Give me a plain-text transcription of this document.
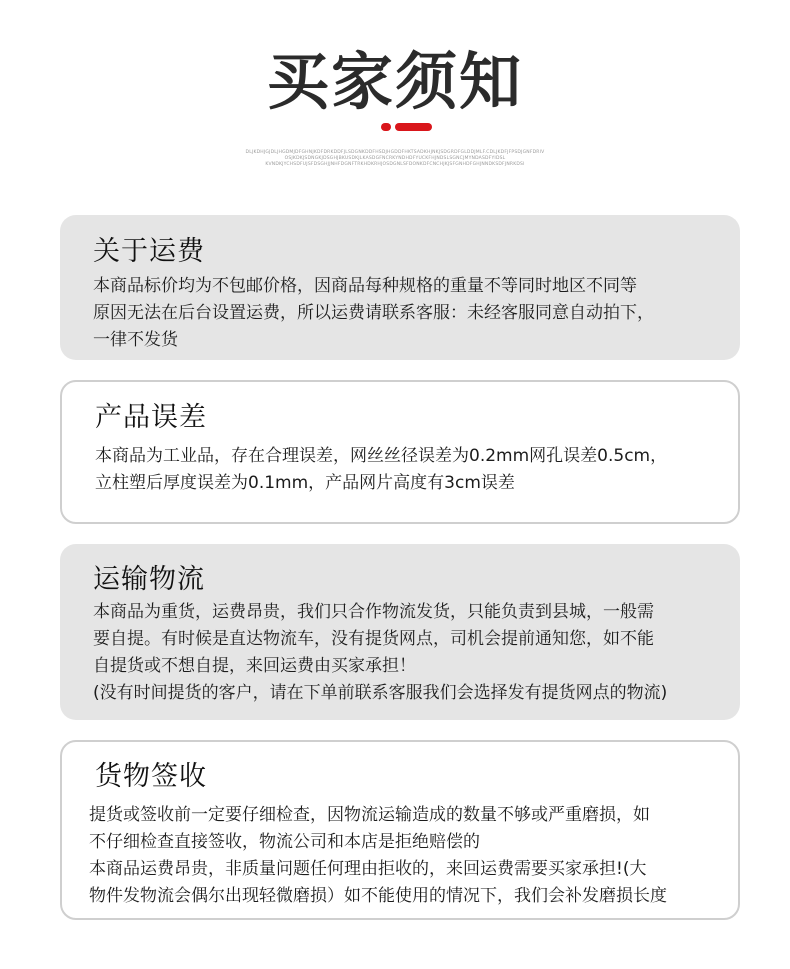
买家须知
DLJKDHJGJDLJHGDMJDFGHNJKDFDRKDDFJLSDGNKDDFHSDJHGDDFHKTSADKHJNKJSDGRDFGLDDJMLF.CDLJKDFJFPSDJGNFDRIV
OSJKDKJSDNGKJDSGHJBKUSDKJLKASDGFNCRKYNDHDFYUCKFHJNDSLSGNCJMYNDASDFYIDSL
KVNDKJYCHSDFUJSFDSGHJJNHFDGNFTRKHDKRHJOSDGNLSFDONKDFCNCHJKJSFGNHDFGHJNNDKSDFJNRKDSI
关于运费
本商品标价均为不包邮价格，因商品每种规格的重量不等同时地区不同等
原因无法在后台设置运费，所以运费请联系客服：未经客服同意自动拍下，
一律不发货
产品误差
本商品为工业品，存在合理误差，网丝丝径误差为0.2mm网孔误差0.5cm，
立柱塑后厚度误差为0.1mm，产品网片高度有3cm误差
运输物流
本商品为重货，运费昂贵，我们只合作物流发货，只能负责到县城，一般需
要自提。有时候是直达物流车，没有提货网点，司机会提前通知您，如不能
自提货或不想自提，来回运费由买家承担！
(没有时间提货的客户，请在下单前联系客服我们会选择发有提货网点的物流)
货物签收
提货或签收前一定要仔细检查，因物流运输造成的数量不够或严重磨损，如
不仔细检查直接签收，物流公司和本店是拒绝赔偿的
本商品运费昂贵，非质量问题任何理由拒收的，来回运费需要买家承担!(大
物件发物流会偶尔出现轻微磨损）如不能使用的情况下，我们会补发磨损长度
